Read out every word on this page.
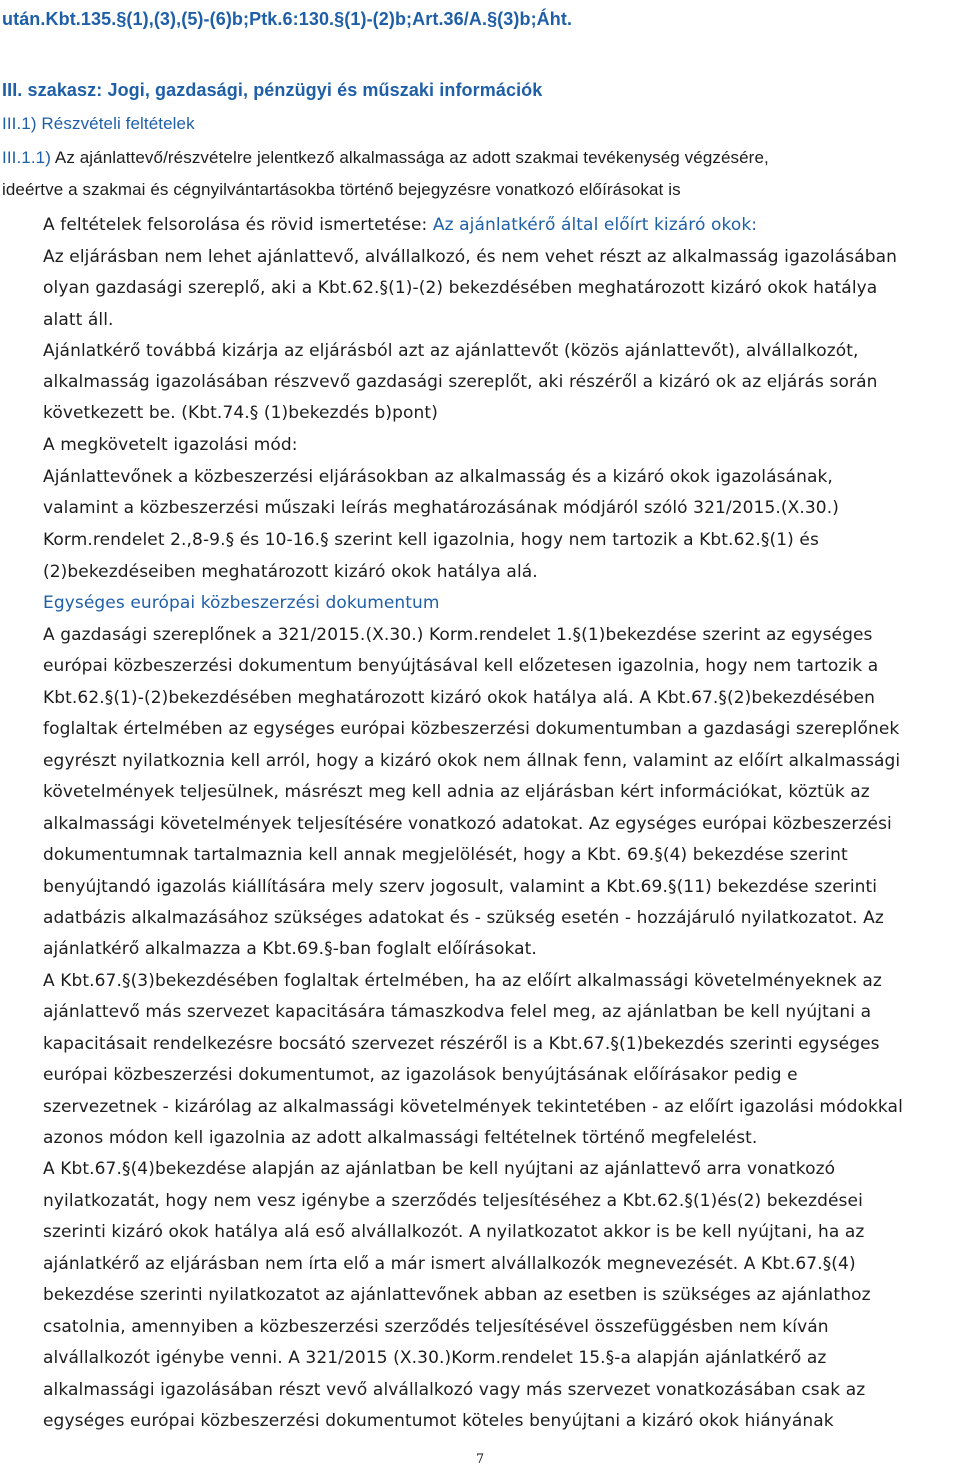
után.Kbt.135.§(1),(3),(5)-(6)b;Ptk.6:130.§(1)-(2)b;Art.36/A.§(3)b;Áht.
III. szakasz: Jogi, gazdasági, pénzügyi és műszaki információk
III.1) Részvételi feltételek
III.1.1) Az ajánlattevő/részvételre jelentkező alkalmassága az adott szakmai tevékenység végzésére,
ideértve a szakmai és cégnyilvántartásokba történő bejegyzésre vonatkozó előírásokat is
A feltételek felsorolása és rövid ismertetése: Az ajánlatkérő által előírt kizáró okok:
Az eljárásban nem lehet ajánlattevő, alvállalkozó, és nem vehet részt az alkalmasság igazolásában
olyan gazdasági szereplő, aki a Kbt.62.§(1)-(2) bekezdésében meghatározott kizáró okok hatálya
alatt áll.
Ajánlatkérő továbbá kizárja az eljárásból azt az ajánlattevőt (közös ajánlattevőt), alvállalkozót,
alkalmasság igazolásában részvevő gazdasági szereplőt, aki részéről a kizáró ok az eljárás során
következett be. (Kbt.74.§ (1)bekezdés b)pont)
A megkövetelt igazolási mód:
Ajánlattevőnek a közbeszerzési eljárásokban az alkalmasság és a kizáró okok igazolásának,
valamint a közbeszerzési műszaki leírás meghatározásának módjáról szóló 321/2015.(X.30.)
Korm.rendelet 2.,8-9.§ és 10-16.§ szerint kell igazolnia, hogy nem tartozik a Kbt.62.§(1) és
(2)bekezdéseiben meghatározott kizáró okok hatálya alá.
Egységes európai közbeszerzési dokumentum
A gazdasági szereplőnek a 321/2015.(X.30.) Korm.rendelet 1.§(1)bekezdése szerint az egységes
európai közbeszerzési dokumentum benyújtásával kell előzetesen igazolnia, hogy nem tartozik a
Kbt.62.§(1)-(2)bekezdésében meghatározott kizáró okok hatálya alá. A Kbt.67.§(2)bekezdésében
foglaltak értelmében az egységes európai közbeszerzési dokumentumban a gazdasági szereplőnek
egyrészt nyilatkoznia kell arról, hogy a kizáró okok nem állnak fenn, valamint az előírt alkalmassági
követelmények teljesülnek, másrészt meg kell adnia az eljárásban kért információkat, köztük az
alkalmassági követelmények teljesítésére vonatkozó adatokat. Az egységes európai közbeszerzési
dokumentumnak tartalmaznia kell annak megjelölését, hogy a Kbt. 69.§(4) bekezdése szerint
benyújtandó igazolás kiállítására mely szerv jogosult, valamint a Kbt.69.§(11) bekezdése szerinti
adatbázis alkalmazásához szükséges adatokat és - szükség esetén - hozzájáruló nyilatkozatot. Az
ajánlatkérő alkalmazza a Kbt.69.§-ban foglalt előírásokat.
A Kbt.67.§(3)bekezdésében foglaltak értelmében, ha az előírt alkalmassági követelményeknek az
ajánlattevő más szervezet kapacitására támaszkodva felel meg, az ajánlatban be kell nyújtani a
kapacitásait rendelkezésre bocsátó szervezet részéről is a Kbt.67.§(1)bekezdés szerinti egységes
európai közbeszerzési dokumentumot, az igazolások benyújtásának előírásakor pedig e
szervezetnek - kizárólag az alkalmassági követelmények tekintetében - az előírt igazolási módokkal
azonos módon kell igazolnia az adott alkalmassági feltételnek történő megfelelést.
A Kbt.67.§(4)bekezdése alapján az ajánlatban be kell nyújtani az ajánlattevő arra vonatkozó
nyilatkozatát, hogy nem vesz igénybe a szerződés teljesítéséhez a Kbt.62.§(1)és(2) bekezdései
szerinti kizáró okok hatálya alá eső alvállalkozót. A nyilatkozatot akkor is be kell nyújtani, ha az
ajánlatkérő az eljárásban nem írta elő a már ismert alvállalkozók megnevezését. A Kbt.67.§(4)
bekezdése szerinti nyilatkozatot az ajánlattevőnek abban az esetben is szükséges az ajánlathoz
csatolnia, amennyiben a közbeszerzési szerződés teljesítésével összefüggésben nem kíván
alvállalkozót igénybe venni. A 321/2015 (X.30.)Korm.rendelet 15.§-a alapján ajánlatkérő az
alkalmassági igazolásában részt vevő alvállalkozó vagy más szervezet vonatkozásában csak az
egységes európai közbeszerzési dokumentumot köteles benyújtani a kizáró okok hiányának
7
